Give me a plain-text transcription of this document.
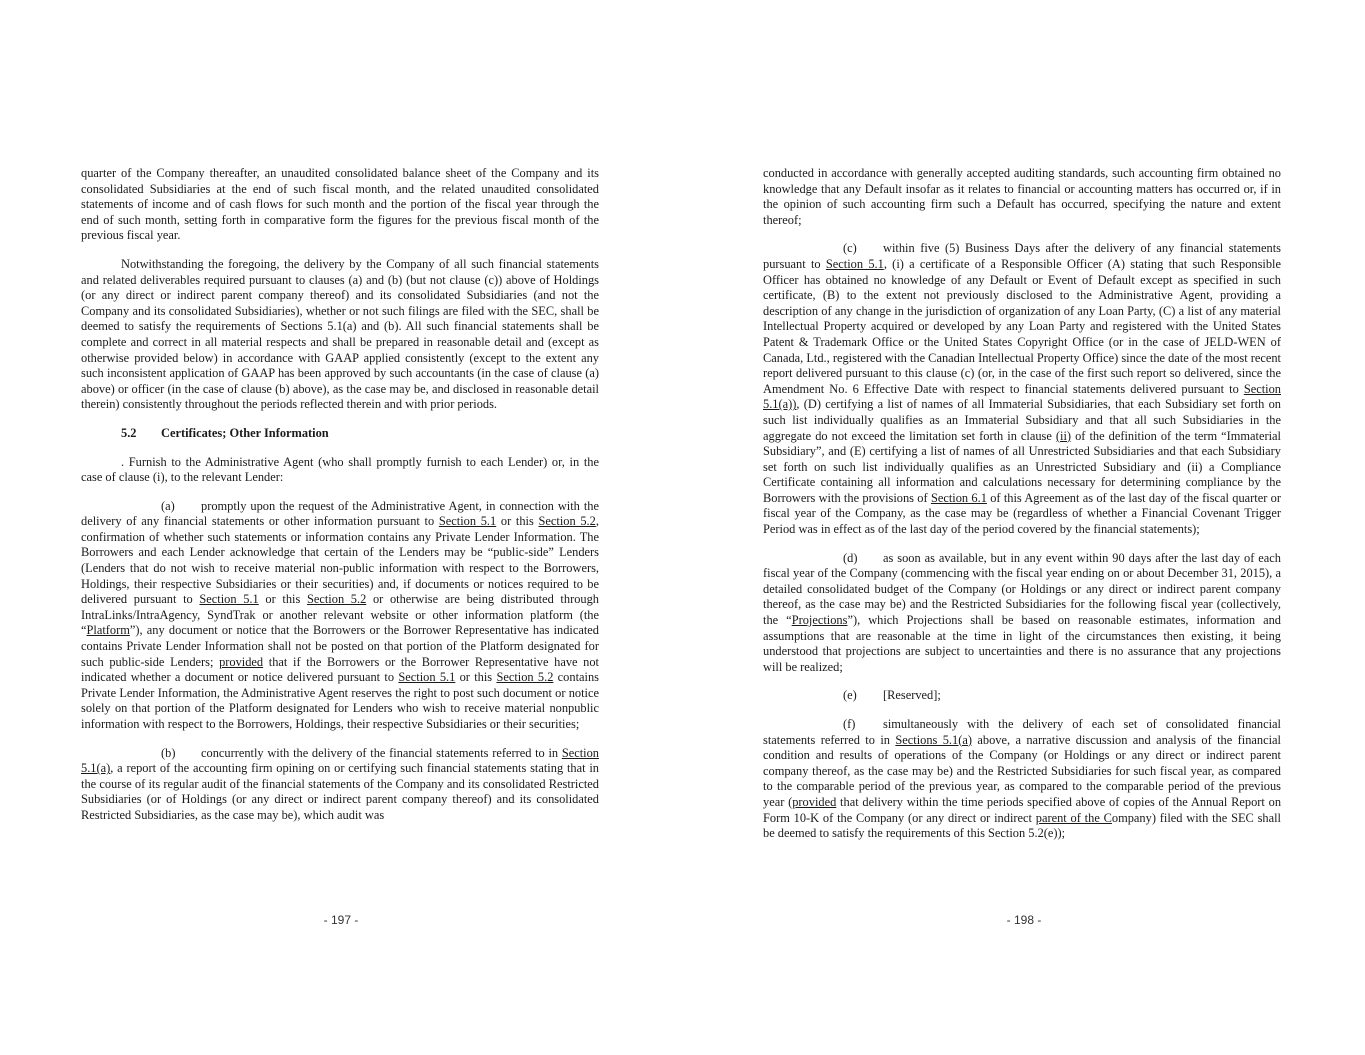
quarter of the Company thereafter, an unaudited consolidated balance sheet of the Company and its consolidated Subsidiaries at the end of such fiscal month, and the related unaudited consolidated statements of income and of cash flows for such month and the portion of the fiscal year through the end of such month, setting forth in comparative form the figures for the previous fiscal month of the previous fiscal year.

Notwithstanding the foregoing, the delivery by the Company of all such financial statements and related deliverables required pursuant to clauses (a) and (b) (but not clause (c)) above of Holdings (or any direct or indirect parent company thereof) and its consolidated Subsidiaries (and not the Company and its consolidated Subsidiaries), whether or not such filings are filed with the SEC, shall be deemed to satisfy the requirements of Sections 5.1(a) and (b). All such financial statements shall be complete and correct in all material respects and shall be prepared in reasonable detail and (except as otherwise provided below) in accordance with GAAP applied consistently (except to the extent any such inconsistent application of GAAP has been approved by such accountants (in the case of clause (a) above) or officer (in the case of clause (b) above), as the case may be, and disclosed in reasonable detail therein) consistently throughout the periods reflected therein and with prior periods.

5.2 Certificates; Other Information

. Furnish to the Administrative Agent (who shall promptly furnish to each Lender) or, in the case of clause (i), to the relevant Lender:

(a) promptly upon the request of the Administrative Agent, in connection with the delivery of any financial statements or other information pursuant to Section 5.1 or this Section 5.2, confirmation of whether such statements or information contains any Private Lender Information. The Borrowers and each Lender acknowledge that certain of the Lenders may be “public-side” Lenders (Lenders that do not wish to receive material non-public information with respect to the Borrowers, Holdings, their respective Subsidiaries or their securities) and, if documents or notices required to be delivered pursuant to Section 5.1 or this Section 5.2 or otherwise are being distributed through IntraLinks/IntraAgency, SyndTrak or another relevant website or other information platform (the “Platform”), any document or notice that the Borrowers or the Borrower Representative has indicated contains Private Lender Information shall not be posted on that portion of the Platform designated for such public-side Lenders; provided that if the Borrowers or the Borrower Representative have not indicated whether a document or notice delivered pursuant to Section 5.1 or this Section 5.2 contains Private Lender Information, the Administrative Agent reserves the right to post such document or notice solely on that portion of the Platform designated for Lenders who wish to receive material nonpublic information with respect to the Borrowers, Holdings, their respective Subsidiaries or their securities;

(b) concurrently with the delivery of the financial statements referred to in Section 5.1(a), a report of the accounting firm opining on or certifying such financial statements stating that in the course of its regular audit of the financial statements of the Company and its consolidated Restricted Subsidiaries (or of Holdings (or any direct or indirect parent company thereof) and its consolidated Restricted Subsidiaries, as the case may be), which audit was

- 197 -

conducted in accordance with generally accepted auditing standards, such accounting firm obtained no knowledge that any Default insofar as it relates to financial or accounting matters has occurred or, if in the opinion of such accounting firm such a Default has occurred, specifying the nature and extent thereof;

(c) within five (5) Business Days after the delivery of any financial statements pursuant to Section 5.1, (i) a certificate of a Responsible Officer (A) stating that such Responsible Officer has obtained no knowledge of any Default or Event of Default except as specified in such certificate, (B) to the extent not previously disclosed to the Administrative Agent, providing a description of any change in the jurisdiction of organization of any Loan Party, (C) a list of any material Intellectual Property acquired or developed by any Loan Party and registered with the United States Patent & Trademark Office or the United States Copyright Office (or in the case of JELD-WEN of Canada, Ltd., registered with the Canadian Intellectual Property Office) since the date of the most recent report delivered pursuant to this clause (c) (or, in the case of the first such report so delivered, since the Amendment No. 6 Effective Date with respect to financial statements delivered pursuant to Section 5.1(a)), (D) certifying a list of names of all Immaterial Subsidiaries, that each Subsidiary set forth on such list individually qualifies as an Immaterial Subsidiary and that all such Subsidiaries in the aggregate do not exceed the limitation set forth in clause (ii) of the definition of the term “Immaterial Subsidiary”, and (E) certifying a list of names of all Unrestricted Subsidiaries and that each Subsidiary set forth on such list individually qualifies as an Unrestricted Subsidiary and (ii) a Compliance Certificate containing all information and calculations necessary for determining compliance by the Borrowers with the provisions of Section 6.1 of this Agreement as of the last day of the fiscal quarter or fiscal year of the Company, as the case may be (regardless of whether a Financial Covenant Trigger Period was in effect as of the last day of the period covered by the financial statements);

(d) as soon as available, but in any event within 90 days after the last day of each fiscal year of the Company (commencing with the fiscal year ending on or about December 31, 2015), a detailed consolidated budget of the Company (or Holdings or any direct or indirect parent company thereof, as the case may be) and the Restricted Subsidiaries for the following fiscal year (collectively, the “Projections”), which Projections shall be based on reasonable estimates, information and assumptions that are reasonable at the time in light of the circumstances then existing, it being understood that projections are subject to uncertainties and there is no assurance that any projections will be realized;

(e) [Reserved];

(f) simultaneously with the delivery of each set of consolidated financial statements referred to in Sections 5.1(a) above, a narrative discussion and analysis of the financial condition and results of operations of the Company (or Holdings or any direct or indirect parent company thereof, as the case may be) and the Restricted Subsidiaries for such fiscal year, as compared to the comparable period of the previous year, as compared to the comparable period of the previous year (provided that delivery within the time periods specified above of copies of the Annual Report on Form 10-K of the Company (or any direct or indirect parent of the Company) filed with the SEC shall be deemed to satisfy the requirements of this Section 5.2(e));

- 198 -
